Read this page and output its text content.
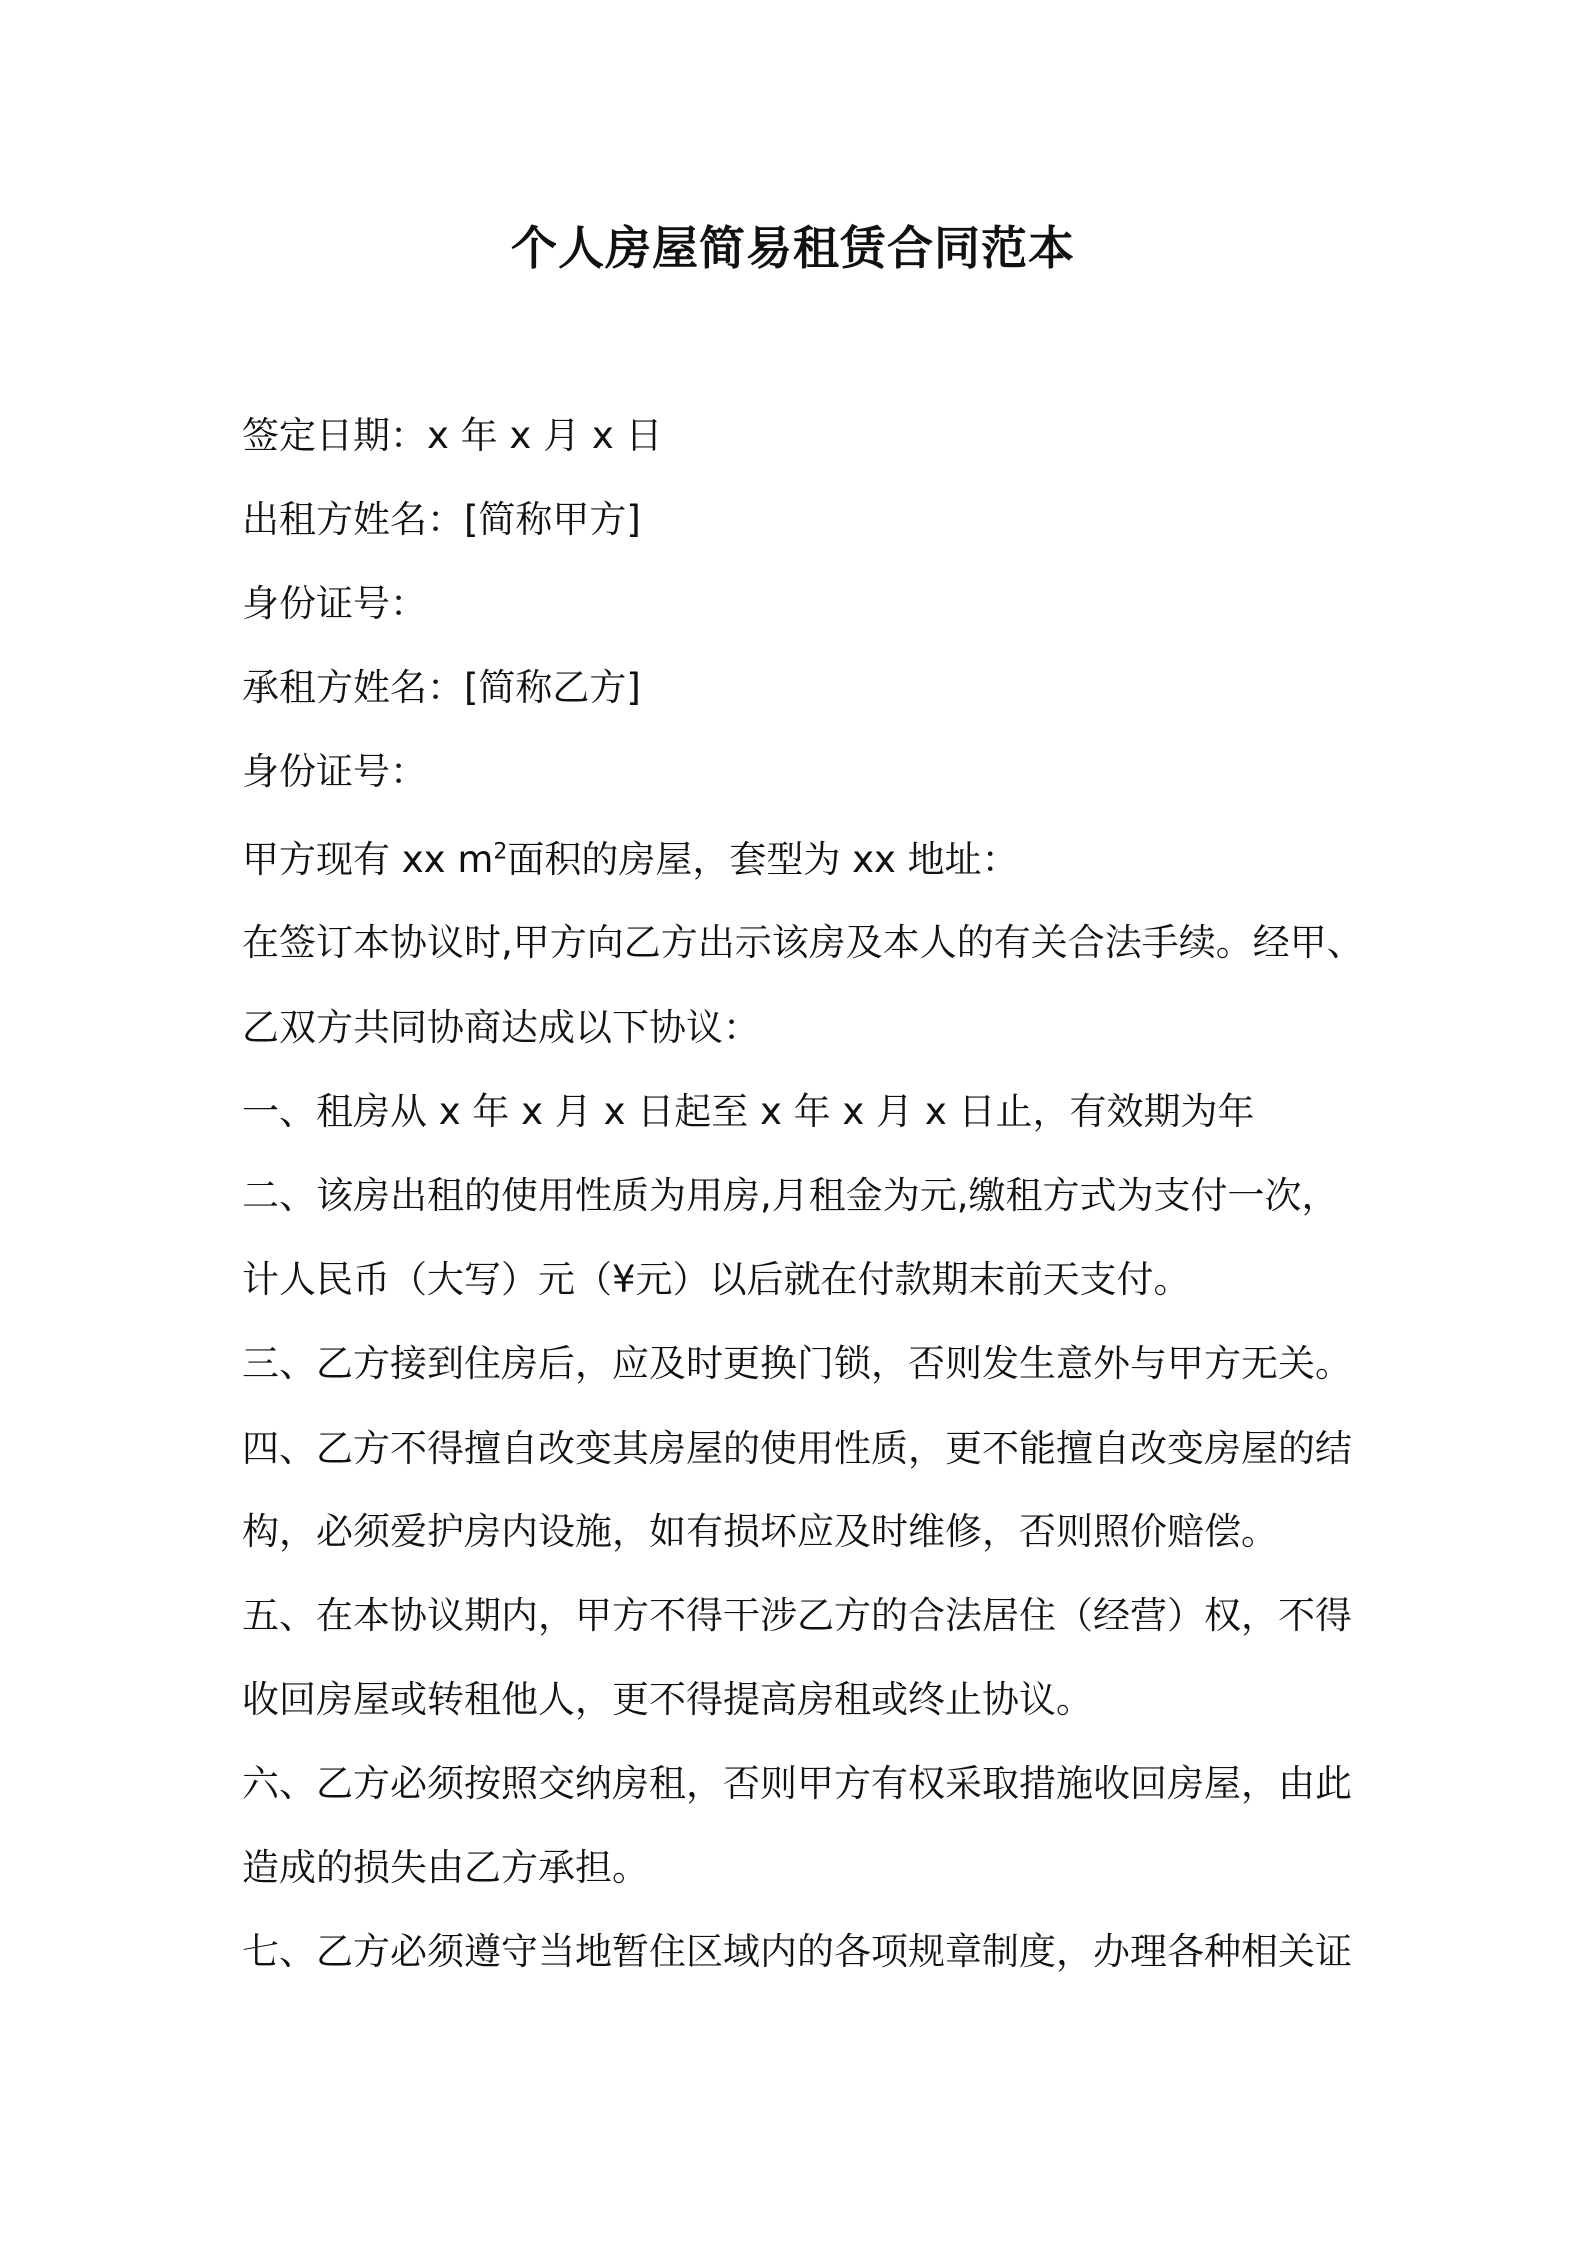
个人房屋简易租赁合同范本
签定日期：x 年 x 月 x 日
出租方姓名：[简称甲方]
身份证号：
承租方姓名：[简称乙方]
身份证号：
甲方现有 xx $m^2$面积的房屋，套型为 xx 地址：
在签订本协议时,甲方向乙方出示该房及本人的有关合法手续。经甲、
乙双方共同协商达成以下协议：
一、租房从 x 年 x 月 x 日起至 x 年 x 月 x 日止，有效期为年
二、该房出租的使用性质为用房,月租金为元,缴租方式为支付一次，
计人民币（大写）元（¥元）以后就在付款期末前天支付。
三、乙方接到住房后，应及时更换门锁，否则发生意外与甲方无关。
四、乙方不得擅自改变其房屋的使用性质，更不能擅自改变房屋的结
构，必须爱护房内设施，如有损坏应及时维修，否则照价赔偿。
五、在本协议期内，甲方不得干涉乙方的合法居住（经营）权，不得
收回房屋或转租他人，更不得提高房租或终止协议。
六、乙方必须按照交纳房租，否则甲方有权采取措施收回房屋，由此
造成的损失由乙方承担。
七、乙方必须遵守当地暂住区域内的各项规章制度，办理各种相关证
